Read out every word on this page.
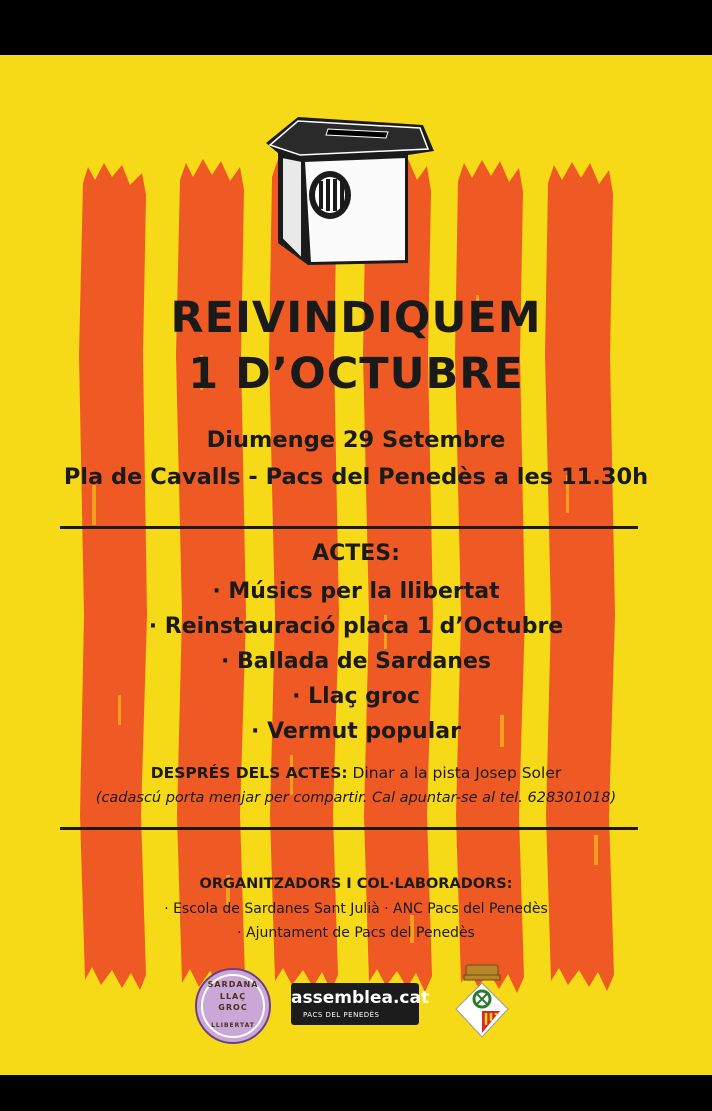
REIVINDIQUEM
1 D’OCTUBRE
Diumenge 29 Setembre
Pla de Cavalls - Pacs del Penedès a les 11.30h
ACTES:
· Músics per la llibertat
· Reinstauració placa 1 d’Octubre
· Ballada de Sardanes
· Llaç groc
· Vermut popular
DESPRÉS DELS ACTES: Dinar a la pista Josep Soler
(cadascú porta menjar per compartir. Cal apuntar-se al tel. 628301018)
ORGANITZADORS I COL·LABORADORS:
· Escola de Sardanes Sant Julià · ANC Pacs del Penedès
· Ajuntament de Pacs del Penedès
SARDANA
LLAÇ
GROC
LLIBERTAT
assemblea.cat
PACS DEL PENEDÈS
